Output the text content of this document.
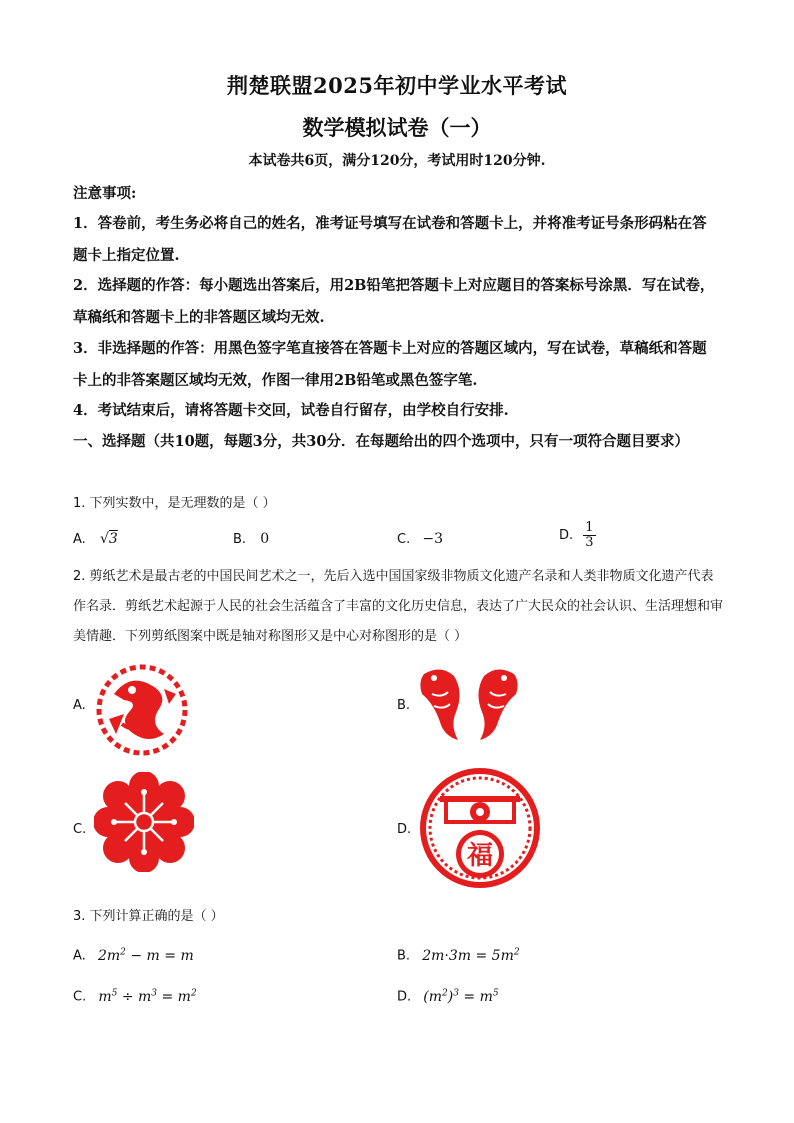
荆楚联盟2025年初中学业水平考试
数学模拟试卷（一）
本试卷共6页，满分120分，考试用时120分钟.
注意事项:
1．答卷前，考生务必将自己的姓名，准考证号填写在试卷和答题卡上，并将准考证号条形码粘在答题卡上指定位置.
2．选择题的作答：每小题选出答案后，用2B铅笔把答题卡上对应题目的答案标号涂黑．写在试卷，草稿纸和答题卡上的非答题区域均无效.
3．非选择题的作答：用黑色签字笔直接答在答题卡上对应的答题区域内，写在试卷，草稿纸和答题卡上的非答案题区域均无效，作图一律用2B铅笔或黑色签字笔.
4．考试结束后，请将答题卡交回，试卷自行留存，由学校自行安排.
一、选择题（共10题，每题3分，共30分．在每题给出的四个选项中，只有一项符合题目要求）
1. 下列实数中，是无理数的是（ ）
A. √3	B. 0	C. −3	D. $\frac{1}{3}$
2. 剪纸艺术是最古老的中国民间艺术之一，先后入选中国国家级非物质文化遗产名录和人类非物质文化遗产代表作名录．剪纸艺术起源于人民的社会生活蕴含了丰富的文化历史信息，表达了广大民众的社会认识、生活理想和审美情趣．下列剪纸图案中既是轴对称图形又是中心对称图形的是（ ）
A.	B.
C.	D.
福
3. 下列计算正确的是（ ）
A. $2m^2 - m = m$	B. $2m\cdot 3m = 5m^2$
C. $m^5 \div m^3 = m^2$	D. $(m^2)^3 = m^5$
